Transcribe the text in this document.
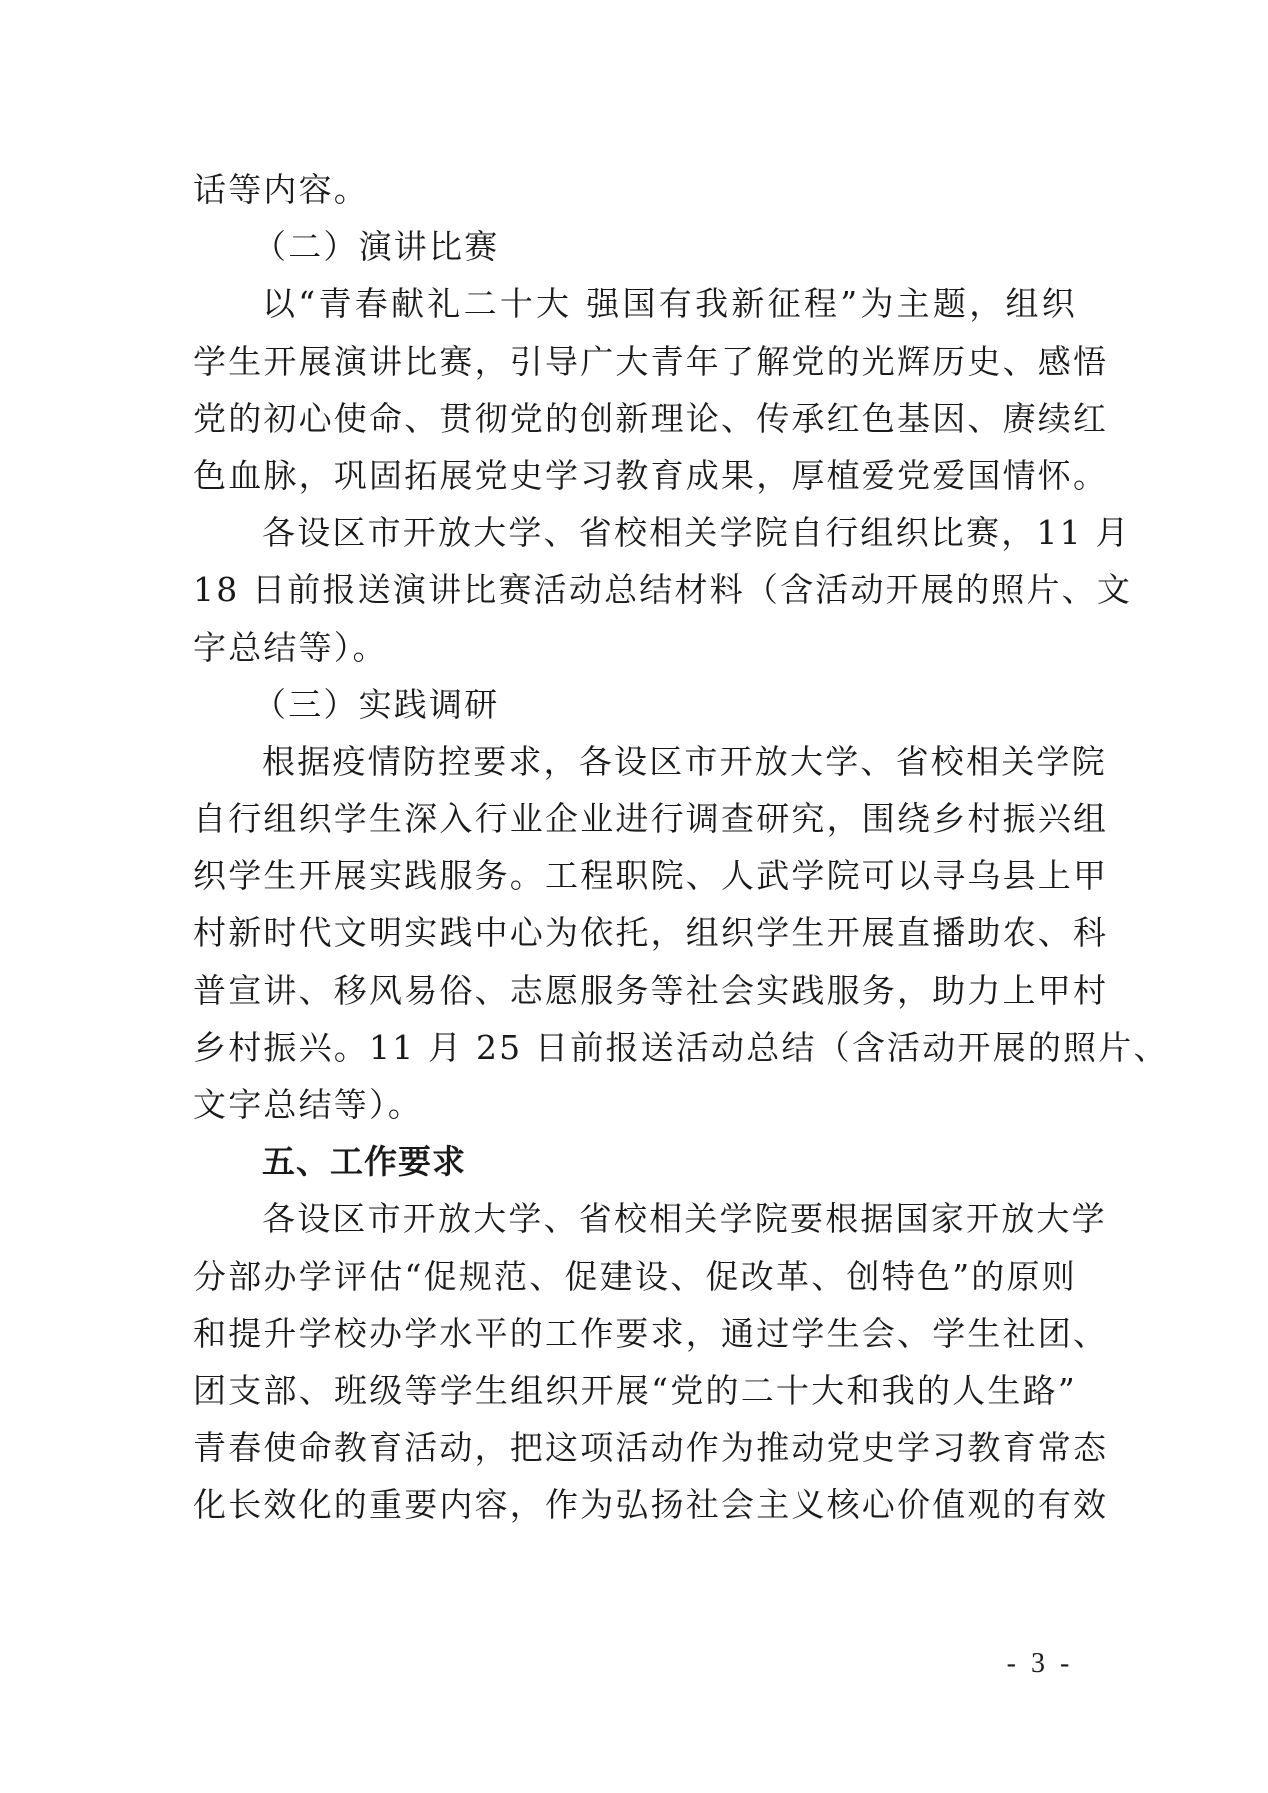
话等内容。
（二）演讲比赛
以“青春献礼二十大 强国有我新征程”为主题，组织
学生开展演讲比赛，引导广大青年了解党的光辉历史、感悟
党的初心使命、贯彻党的创新理论、传承红色基因、赓续红
色血脉，巩固拓展党史学习教育成果，厚植爱党爱国情怀。
各设区市开放大学、省校相关学院自行组织比赛，11 月
18 日前报送演讲比赛活动总结材料（含活动开展的照片、文
字总结等）。
（三）实践调研
根据疫情防控要求，各设区市开放大学、省校相关学院
自行组织学生深入行业企业进行调查研究，围绕乡村振兴组
织学生开展实践服务。工程职院、人武学院可以寻乌县上甲
村新时代文明实践中心为依托，组织学生开展直播助农、科
普宣讲、移风易俗、志愿服务等社会实践服务，助力上甲村
乡村振兴。11 月 25 日前报送活动总结（含活动开展的照片、
文字总结等）。
五、工作要求
各设区市开放大学、省校相关学院要根据国家开放大学
分部办学评估“促规范、促建设、促改革、创特色”的原则
和提升学校办学水平的工作要求，通过学生会、学生社团、
团支部、班级等学生组织开展“党的二十大和我的人生路”
青春使命教育活动，把这项活动作为推动党史学习教育常态
化长效化的重要内容，作为弘扬社会主义核心价值观的有效
- 3 -
